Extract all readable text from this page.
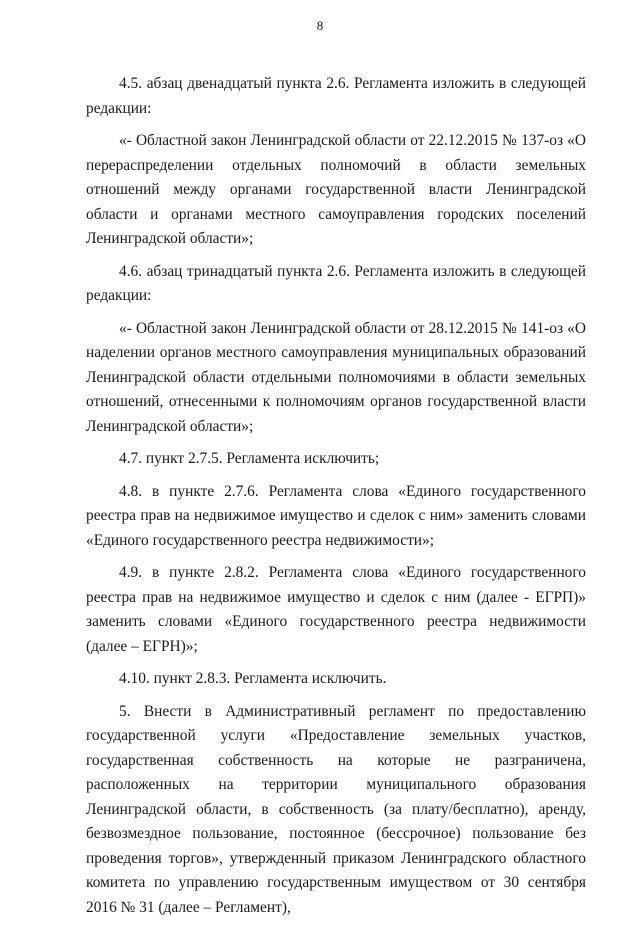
8

4.5. абзац двенадцатый пункта 2.6. Регламента изложить в следующей редакции:

«- Областной закон Ленинградской области от 22.12.2015 № 137-оз «О перераспределении отдельных полномочий в области земельных отношений между органами государственной власти Ленинградской области и органами местного самоуправления городских поселений Ленинградской области»;

4.6. абзац тринадцатый пункта 2.6. Регламента изложить в следующей редакции:

«- Областной закон Ленинградской области от 28.12.2015 № 141-оз «О наделении органов местного самоуправления муниципальных образований Ленинградской области отдельными полномочиями в области земельных отношений, отнесенными к полномочиям органов государственной власти Ленинградской области»;

4.7. пункт 2.7.5. Регламента исключить;

4.8. в пункте 2.7.6. Регламента слова «Единого государственного реестра прав на недвижимое имущество и сделок с ним» заменить словами «Единого государственного реестра недвижимости»;

4.9. в пункте 2.8.2. Регламента слова «Единого государственного реестра прав на недвижимое имущество и сделок с ним (далее - ЕГРП)» заменить словами «Единого государственного реестра недвижимости (далее – ЕГРН)»;

4.10. пункт 2.8.3. Регламента исключить.

5. Внести в Административный регламент по предоставлению государственной услуги «Предоставление земельных участков, государственная собственность на которые не разграничена, расположенных на территории муниципального образования Ленинградской области, в собственность (за плату/бесплатно), аренду, безвозмездное пользование, постоянное (бессрочное) пользование без проведения торгов», утвержденный приказом Ленинградского областного комитета по управлению государственным имуществом от 30 сентября 2016 № 31 (далее – Регламент),
